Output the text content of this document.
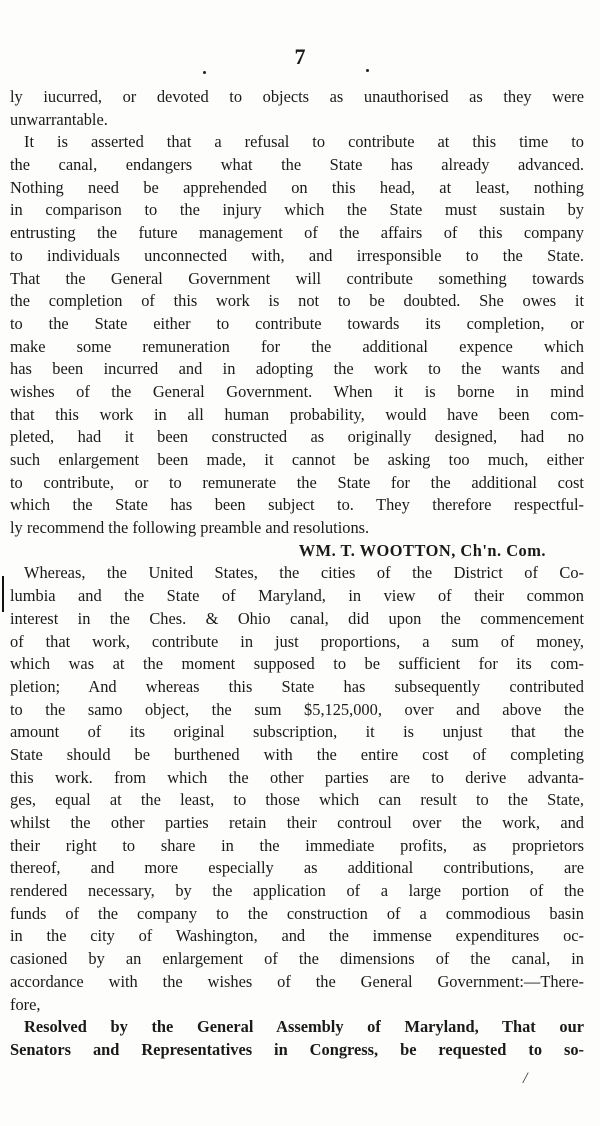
7
ly iucurred, or devoted to objects as unauthorised as they were
unwarrantable.
It is asserted that a refusal to contribute at this time to
the canal, endangers what the State has already advanced.
Nothing need be apprehended on this head, at least, nothing
in comparison to the injury which the State must sustain by
entrusting the future management of the affairs of this company
to individuals unconnected with, and irresponsible to the State.
That the General Government will contribute something towards
the completion of this work is not to be doubted. She owes it
to the State either to contribute towards its completion, or
make some remuneration for the additional expence which
has been incurred and in adopting the work to the wants and
wishes of the General Government. When it is borne in mind
that this work in all human probability, would have been com-
pleted, had it been constructed as originally designed, had no
such enlargement been made, it cannot be asking too much, either
to contribute, or to remunerate the State for the additional cost
which the State has been subject to. They therefore respectful-
ly recommend the following preamble and resolutions.
WM. T. WOOTTON, Ch'n. Com.
Whereas, the United States, the cities of the District of Co-
lumbia and the State of Maryland, in view of their common
interest in the Ches. & Ohio canal, did upon the commencement
of that work, contribute in just proportions, a sum of money,
which was at the moment supposed to be sufficient for its com-
pletion; And whereas this State has subsequently contributed
to the samo object, the sum $5,125,000, over and above the
amount of its original subscription, it is unjust that the
State should be burthened with the entire cost of completing
this work. from which the other parties are to derive advanta-
ges, equal at the least, to those which can result to the State,
whilst the other parties retain their controul over the work, and
their right to share in the immediate profits, as proprietors
thereof, and more especially as additional contributions, are
rendered necessary, by the application of a large portion of the
funds of the company to the construction of a commodious basin
in the city of Washington, and the immense expenditures oc-
casioned by an enlargement of the dimensions of the canal, in
accordance with the wishes of the General Government:—There-
fore,
Resolved by the General Assembly of Maryland, That our
Senators and Representatives in Congress, be requested to so-
/
